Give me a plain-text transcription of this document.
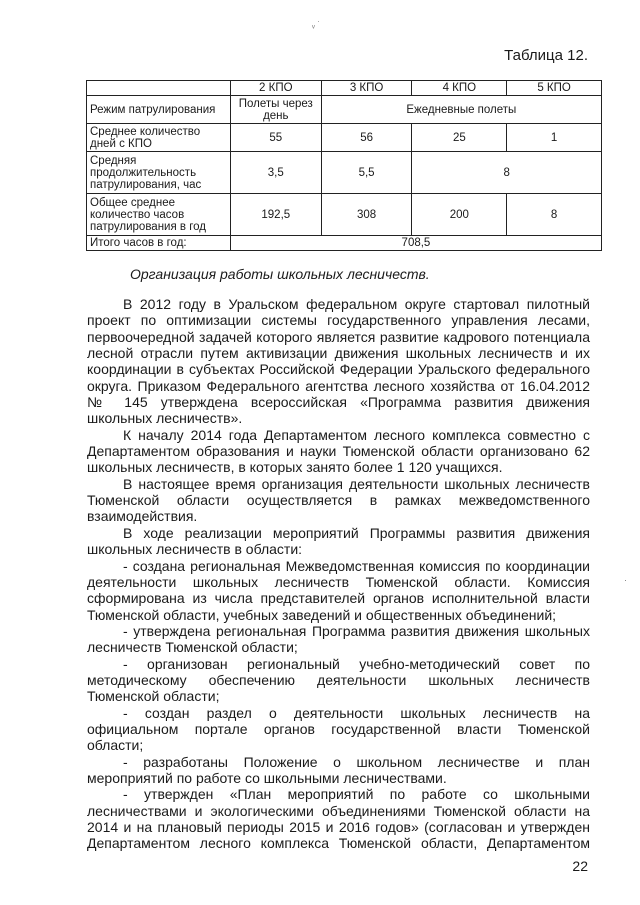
ᵥ ˙
·
Таблица 12.
	2 КПО	3 КПО	4 КПО	5 КПО
Режим патрулирования	Полеты через день	Ежедневные полеты		
Среднее количество дней с КПО	55	56	25	1
Средняя продолжительность патрулирования, час	3,5	5,5	8	
Общее среднее количество часов патрулирования в год	192,5	308	200	8
Итого часов в год:	708,5			
Организация работы школьных лесничеств.

В 2012 году в Уральском федеральном округе стартовал пилотный

проект по оптимизации системы государственного управления лесами,

первоочередной задачей которого является развитие кадрового потенциала

лесной отрасли путем активизации движения школьных лесничеств и их

координации в субъектах Российской Федерации Уральского федерального

округа. Приказом Федерального агентства лесного хозяйства от 16.04.2012

№ 145 утверждена всероссийская «Программа развития движения

школьных лесничеств».

К началу 2014 года Департаментом лесного комплекса совместно с

Департаментом образования и науки Тюменской области организовано 62

школьных лесничеств, в которых занято более 1 120 учащихся.

В настоящее время организация деятельности школьных лесничеств

Тюменской области осуществляется в рамках межведомственного

взаимодействия.

В ходе реализации мероприятий Программы развития движения

школьных лесничеств в области:

- создана региональная Межведомственная комиссия по координации

деятельности школьных лесничеств Тюменской области. Комиссия

сформирована из числа представителей органов исполнительной власти

Тюменской области, учебных заведений и общественных объединений;

- утверждена региональная Программа развития движения школьных

лесничеств Тюменской области;

- организован региональный учебно-методический совет по

методическому обеспечению деятельности школьных лесничеств

Тюменской области;

- создан раздел о деятельности школьных лесничеств на

официальном портале органов государственной власти Тюменской

области;

- разработаны Положение о школьном лесничестве и план

мероприятий по работе со школьными лесничествами.

- утвержден «План мероприятий по работе со школьными

лесничествами и экологическими объединениями Тюменской области на

2014 и на плановый периоды 2015 и 2016 годов» (согласован и утвержден

Департаментом лесного комплекса Тюменской области, Департаментом

22
